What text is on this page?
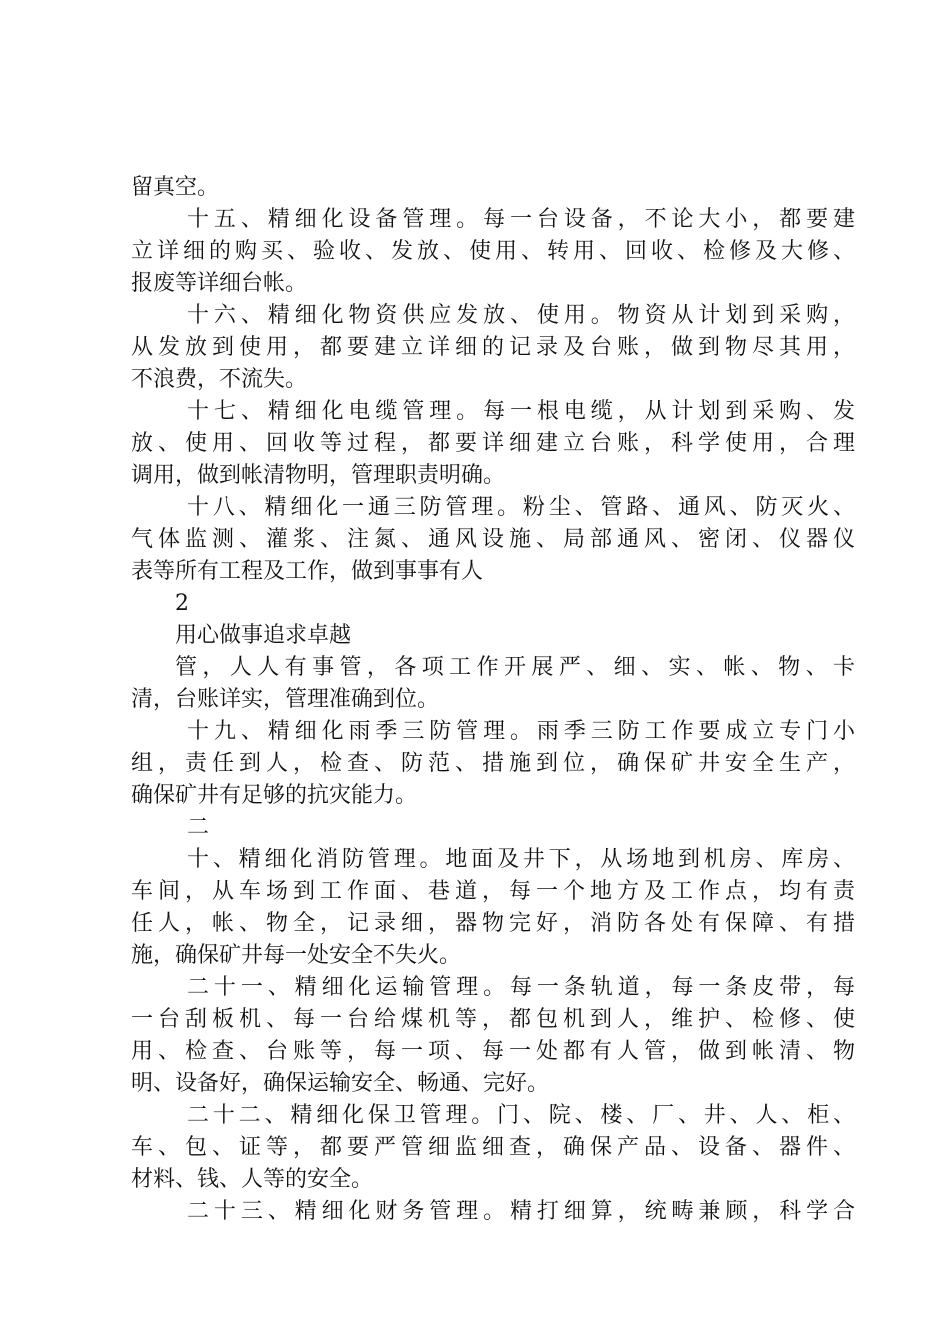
留真空。
十五、精细化设备管理。每一台设备，不论大小，都要建
立详细的购买、验收、发放、使用、转用、回收、检修及大修、
报废等详细台帐。
十六、精细化物资供应发放、使用。物资从计划到采购，
从发放到使用，都要建立详细的记录及台账，做到物尽其用，
不浪费，不流失。
十七、精细化电缆管理。每一根电缆，从计划到采购、发
放、使用、回收等过程，都要详细建立台账，科学使用，合理
调用，做到帐清物明，管理职责明确。
十八、精细化一通三防管理。粉尘、管路、通风、防灭火、
气体监测、灌浆、注氮、通风设施、局部通风、密闭、仪器仪
表等所有工程及工作，做到事事有人
2
用心做事追求卓越
管，人人有事管，各项工作开展严、细、实、帐、物、卡
清，台账详实，管理准确到位。
十九、精细化雨季三防管理。雨季三防工作要成立专门小
组，责任到人，检查、防范、措施到位，确保矿井安全生产，
确保矿井有足够的抗灾能力。
二
十、精细化消防管理。地面及井下，从场地到机房、库房、
车间，从车场到工作面、巷道，每一个地方及工作点，均有责
任人，帐、物全，记录细，器物完好，消防各处有保障、有措
施，确保矿井每一处安全不失火。
二十一、精细化运输管理。每一条轨道，每一条皮带，每
一台刮板机、每一台给煤机等，都包机到人，维护、检修、使
用、检查、台账等，每一项、每一处都有人管，做到帐清、物
明、设备好，确保运输安全、畅通、完好。
二十二、精细化保卫管理。门、院、楼、厂、井、人、柜、
车、包、证等，都要严管细监细查，确保产品、设备、器件、
材料、钱、人等的安全。
二十三、精细化财务管理。精打细算，统畴兼顾，科学合
